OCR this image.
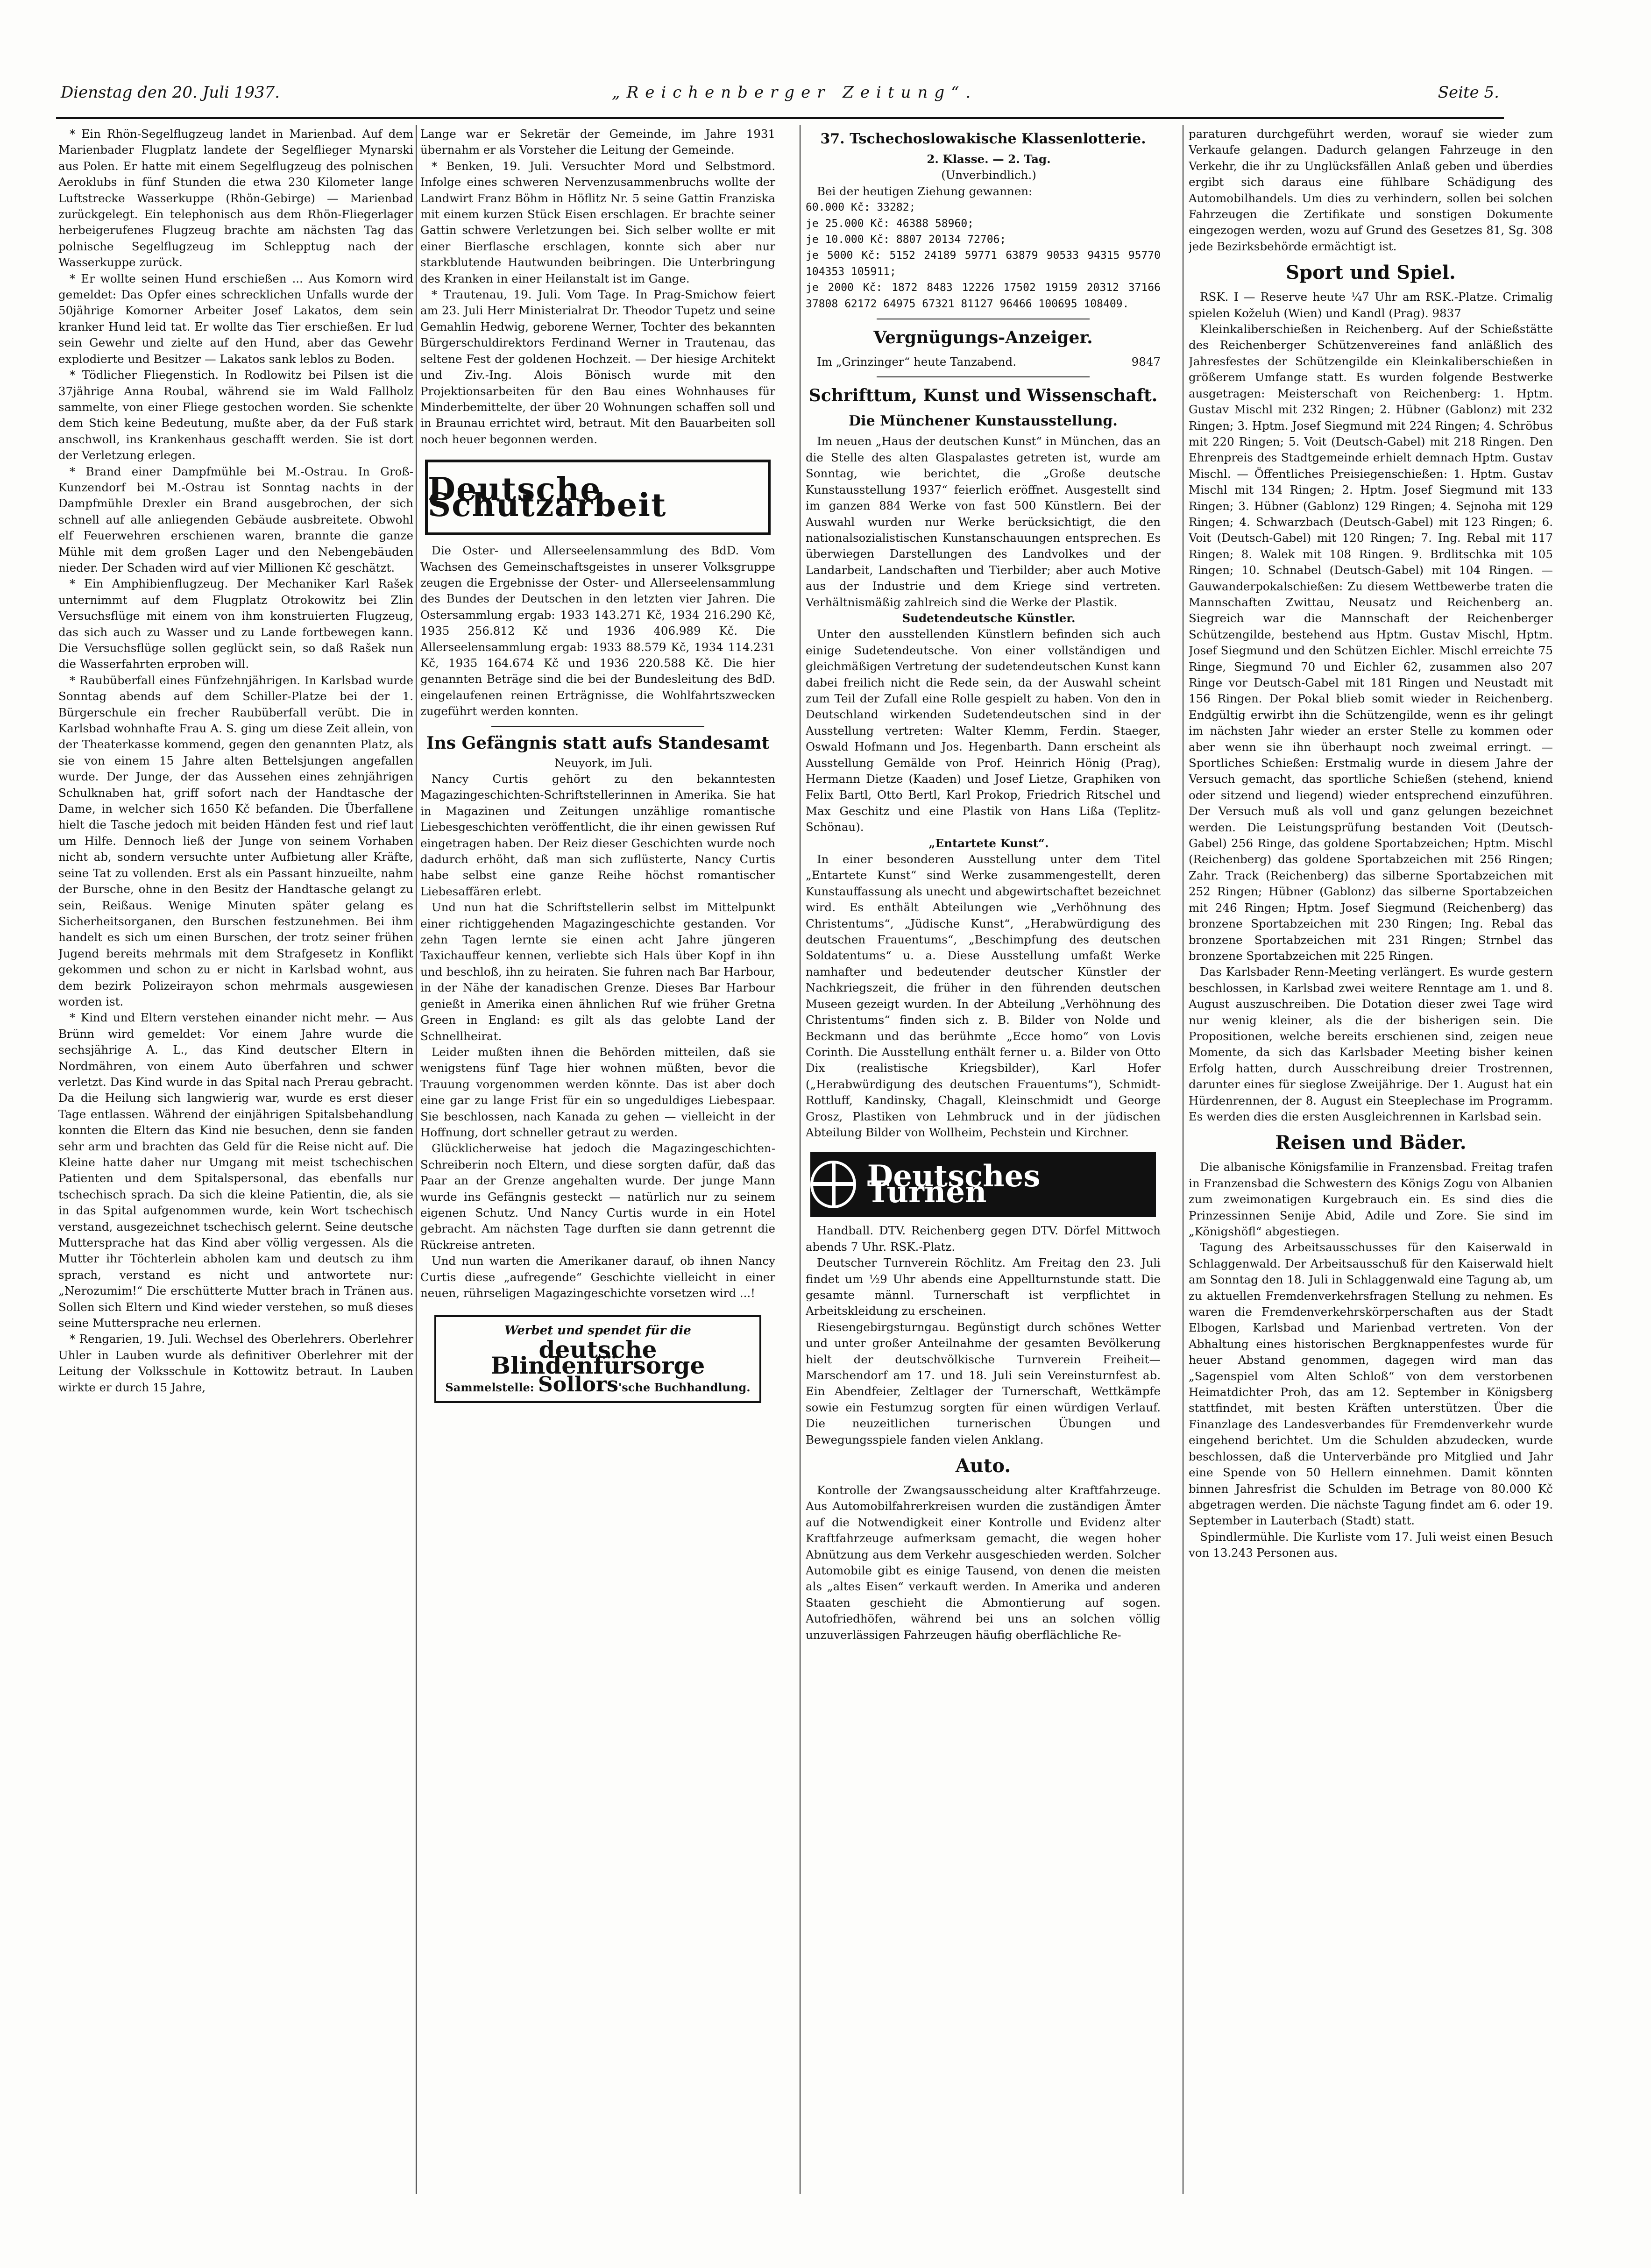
Dienstag den 20. Juli 1937.	„Reichenberger Zeitung“.	Seite 5.

* Ein Rhön-Segelflugzeug landet in Marienbad. Auf dem Marienbader Flugplatz landete der Segelflieger Mynarski aus Polen. Er hatte mit einem Segelflugzeug des polnischen Aeroklubs in fünf Stunden die etwa 230 Kilometer lange Luftstrecke Wasserkuppe (Rhön-Gebirge) — Marienbad zurückgelegt. Ein telephonisch aus dem Rhön-Fliegerlager herbeigerufenes Flugzeug brachte am nächsten Tag das polnische Segelflugzeug im Schlepptug nach der Wasserkuppe zurück.

* Er wollte seinen Hund erschießen ... Aus Komorn wird gemeldet: Das Opfer eines schrecklichen Unfalls wurde der 50jährige Komorner Arbeiter Josef Lakatos, dem sein kranker Hund leid tat. Er wollte das Tier erschießen. Er lud sein Gewehr und zielte auf den Hund, aber das Gewehr explodierte und Besitzer — Lakatos sank leblos zu Boden.

* Tödlicher Fliegenstich. In Rodlowitz bei Pilsen ist die 37jährige Anna Roubal, während sie im Wald Fallholz sammelte, von einer Fliege gestochen worden. Sie schenkte dem Stich keine Bedeutung, mußte aber, da der Fuß stark anschwoll, ins Krankenhaus geschafft werden. Sie ist dort der Verletzung erlegen.

* Brand einer Dampfmühle bei M.-Ostrau. In Groß-Kunzendorf bei M.-Ostrau ist Sonntag nachts in der Dampfmühle Drexler ein Brand ausgebrochen, der sich schnell auf alle anliegenden Gebäude ausbreitete. Obwohl elf Feuerwehren erschienen waren, brannte die ganze Mühle mit dem großen Lager und den Nebengebäuden nieder. Der Schaden wird auf vier Millionen Kč geschätzt.

* Ein Amphibienflugzeug. Der Mechaniker Karl Rašek unternimmt auf dem Flugplatz Otrokowitz bei Zlin Versuchsflüge mit einem von ihm konstruierten Flugzeug, das sich auch zu Wasser und zu Lande fortbewegen kann. Die Versuchsflüge sollen geglückt sein, so daß Rašek nun die Wasserfahrten erproben will.

* Raubüberfall eines Fünfzehnjährigen. In Karlsbad wurde Sonntag abends auf dem Schiller-Platze bei der 1. Bürgerschule ein frecher Raubüberfall verübt. Die in Karlsbad wohnhafte Frau A. S. ging um diese Zeit allein, von der Theaterkasse kommend, gegen den genannten Platz, als sie von einem 15 Jahre alten Bettelsjungen angefallen wurde. Der Junge, der das Aussehen eines zehnjährigen Schulknaben hat, griff sofort nach der Handtasche der Dame, in welcher sich 1650 Kč befanden. Die Überfallene hielt die Tasche jedoch mit beiden Händen fest und rief laut um Hilfe. Dennoch ließ der Junge von seinem Vorhaben nicht ab, sondern versuchte unter Aufbietung aller Kräfte, seine Tat zu vollenden. Erst als ein Passant hinzueilte, nahm der Bursche, ohne in den Besitz der Handtasche gelangt zu sein, Reißaus. Wenige Minuten später gelang es Sicherheitsorganen, den Burschen festzunehmen. Bei ihm handelt es sich um einen Burschen, der trotz seiner frühen Jugend bereits mehrmals mit dem Strafgesetz in Konflikt gekommen und schon zu er nicht in Karlsbad wohnt, aus dem bezirk Polizeirayon schon mehrmals ausgewiesen worden ist.

* Kind und Eltern verstehen einander nicht mehr. — Aus Brünn wird gemeldet: Vor einem Jahre wurde die sechsjährige A. L., das Kind deutscher Eltern in Nordmähren, von einem Auto überfahren und schwer verletzt. Das Kind wurde in das Spital nach Prerau gebracht. Da die Heilung sich langwierig war, wurde es erst dieser Tage entlassen. Während der einjährigen Spitalsbehandlung konnten die Eltern das Kind nie besuchen, denn sie fanden sehr arm und brachten das Geld für die Reise nicht auf. Die Kleine hatte daher nur Umgang mit meist tschechischen Patienten und dem Spitalspersonal, das ebenfalls nur tschechisch sprach. Da sich die kleine Patientin, die, als sie in das Spital aufgenommen wurde, kein Wort tschechisch verstand, ausgezeichnet tschechisch gelernt. Seine deutsche Muttersprache hat das Kind aber völlig vergessen. Als die Mutter ihr Töchterlein abholen kam und deutsch zu ihm sprach, verstand es nicht und antwortete nur: „Nerozumim!“ Die erschütterte Mutter brach in Tränen aus. Sollen sich Eltern und Kind wieder verstehen, so muß dieses seine Muttersprache neu erlernen.

* Rengarien, 19. Juli. Wechsel des Oberlehrers. Oberlehrer Uhler in Lauben wurde als definitiver Oberlehrer mit der Leitung der Volksschule in Kottowitz betraut. In Lauben wirkte er durch 15 Jahre,

Lange war er Sekretär der Gemeinde, im Jahre 1931 übernahm er als Vorsteher die Leitung der Gemeinde.

* Benken, 19. Juli. Versuchter Mord und Selbstmord. Infolge eines schweren Nervenzusammenbruchs wollte der Landwirt Franz Böhm in Höflitz Nr. 5 seine Gattin Franziska mit einem kurzen Stück Eisen erschlagen. Er brachte seiner Gattin schwere Verletzungen bei. Sich selber wollte er mit einer Bierflasche erschlagen, konnte sich aber nur starkblutende Hautwunden beibringen. Die Unterbringung des Kranken in einer Heilanstalt ist im Gange.

* Trautenau, 19. Juli. Vom Tage. In Prag-Smichow feiert am 23. Juli Herr Ministerialrat Dr. Theodor Tupetz und seine Gemahlin Hedwig, geborene Werner, Tochter des bekannten Bürgerschuldirektors Ferdinand Werner in Trautenau, das seltene Fest der goldenen Hochzeit. — Der hiesige Architekt und Ziv.-Ing. Alois Bönisch wurde mit den Projektionsarbeiten für den Bau eines Wohnhauses für Minderbemittelte, der über 20 Wohnungen schaffen soll und in Braunau errichtet wird, betraut. Mit den Bauarbeiten soll noch heuer begonnen werden.

Deutsche Schutzarbeit

Die Oster- und Allerseelensammlung des BdD. Vom Wachsen des Gemeinschaftsgeistes in unserer Volksgruppe zeugen die Ergebnisse der Oster- und Allerseelensammlung des Bundes der Deutschen in den letzten vier Jahren. Die Ostersammlung ergab: 1933 143.271 Kč, 1934 216.290 Kč, 1935 256.812 Kč und 1936 406.989 Kč. Die Allerseelensammlung ergab: 1933 88.579 Kč, 1934 114.231 Kč, 1935 164.674 Kč und 1936 220.588 Kč. Die hier genannten Beträge sind die bei der Bundesleitung des BdD. eingelaufenen reinen Erträgnisse, die Wohlfahrtszwecken zugeführt werden konnten.

Ins Gefängnis statt aufs Standesamt

Neuyork, im Juli.

Nancy Curtis gehört zu den bekanntesten Magazingeschichten-Schriftstellerinnen in Amerika. Sie hat in Magazinen und Zeitungen unzählige romantische Liebesgeschichten veröffentlicht, die ihr einen gewissen Ruf eingetragen haben. Der Reiz dieser Geschichten wurde noch dadurch erhöht, daß man sich zuflüsterte, Nancy Curtis habe selbst eine ganze Reihe höchst romantischer Liebesaffären erlebt.

Und nun hat die Schriftstellerin selbst im Mittelpunkt einer richtiggehenden Magazingeschichte gestanden. Vor zehn Tagen lernte sie einen acht Jahre jüngeren Taxichauffeur kennen, verliebte sich Hals über Kopf in ihn und beschloß, ihn zu heiraten. Sie fuhren nach Bar Harbour, in der Nähe der kanadischen Grenze. Dieses Bar Harbour genießt in Amerika einen ähnlichen Ruf wie früher Gretna Green in England: es gilt als das gelobte Land der Schnellheirat.

Leider mußten ihnen die Behörden mitteilen, daß sie wenigstens fünf Tage hier wohnen müßten, bevor die Trauung vorgenommen werden könnte. Das ist aber doch eine gar zu lange Frist für ein so ungeduldiges Liebespaar. Sie beschlossen, nach Kanada zu gehen — vielleicht in der Hoffnung, dort schneller getraut zu werden.

Glücklicherweise hat jedoch die Magazingeschichten-Schreiberin noch Eltern, und diese sorgten dafür, daß das Paar an der Grenze angehalten wurde. Der junge Mann wurde ins Gefängnis gesteckt — natürlich nur zu seinem eigenen Schutz. Und Nancy Curtis wurde in ein Hotel gebracht. Am nächsten Tage durften sie dann getrennt die Rückreise antreten.

Und nun warten die Amerikaner darauf, ob ihnen Nancy Curtis diese „aufregende“ Geschichte vielleicht in einer neuen, rührseligen Magazingeschichte vorsetzen wird ...!

Werbet und spendet für die
deutsche Blindenfürsorge
Sammelstelle: Sollors'sche Buchhandlung.
37. Tschechoslowakische Klassenlotterie.

2. Klasse. — 2. Tag.

(Unverbindlich.)

Bei der heutigen Ziehung gewannen:

60.000 Kč: 33282;

je 25.000 Kč: 46388 58960;

je 10.000 Kč: 8807 20134 72706;

je 5000 Kč: 5152 24189 59771 63879 90533 94315 95770 104353 105911;

je 2000 Kč: 1872 8483 12226 17502 19159 20312 37166 37808 62172 64975 67321 81127 96466 100695 108409.

Vergnügungs-Anzeiger.

Im „Grinzinger“ heute Tanzabend.	9847

Schrifttum, Kunst und Wissenschaft.
Die Münchener Kunstausstellung.

Im neuen „Haus der deutschen Kunst“ in München, das an die Stelle des alten Glaspalastes getreten ist, wurde am Sonntag, wie berichtet, die „Große deutsche Kunstausstellung 1937“ feierlich eröffnet. Ausgestellt sind im ganzen 884 Werke von fast 500 Künstlern. Bei der Auswahl wurden nur Werke berücksichtigt, die den nationalsozialistischen Kunstanschauungen entsprechen. Es überwiegen Darstellungen des Landvolkes und der Landarbeit, Landschaften und Tierbilder; aber auch Motive aus der Industrie und dem Kriege sind vertreten. Verhältnismäßig zahlreich sind die Werke der Plastik.

Sudetendeutsche Künstler.

Unter den ausstellenden Künstlern befinden sich auch einige Sudetendeutsche. Von einer vollständigen und gleichmäßigen Vertretung der sudetendeutschen Kunst kann dabei freilich nicht die Rede sein, da der Auswahl scheint zum Teil der Zufall eine Rolle gespielt zu haben. Von den in Deutschland wirkenden Sudetendeutschen sind in der Ausstellung vertreten: Walter Klemm, Ferdin. Staeger, Oswald Hofmann und Jos. Hegenbarth. Dann erscheint als Ausstellung Gemälde von Prof. Heinrich Hönig (Prag), Hermann Dietze (Kaaden) und Josef Lietze, Graphiken von Felix Bartl, Otto Bertl, Karl Prokop, Friedrich Ritschel und Max Geschitz und eine Plastik von Hans Lißa (Teplitz-Schönau).

„Entartete Kunst“.

In einer besonderen Ausstellung unter dem Titel „Entartete Kunst“ sind Werke zusammengestellt, deren Kunstauffassung als unecht und abgewirtschaftet bezeichnet wird. Es enthält Abteilungen wie „Verhöhnung des Christentums“, „Jüdische Kunst“, „Herabwürdigung des deutschen Frauentums“, „Beschimpfung des deutschen Soldatentums“ u. a. Diese Ausstellung umfaßt Werke namhafter und bedeutender deutscher Künstler der Nachkriegszeit, die früher in den führenden deutschen Museen gezeigt wurden. In der Abteilung „Verhöhnung des Christentums“ finden sich z. B. Bilder von Nolde und Beckmann und das berühmte „Ecce homo“ von Lovis Corinth. Die Ausstellung enthält ferner u. a. Bilder von Otto Dix (realistische Kriegsbilder), Karl Hofer („Herabwürdigung des deutschen Frauentums“), Schmidt-Rottluff, Kandinsky, Chagall, Kleinschmidt und George Grosz, Plastiken von Lehmbruck und in der jüdischen Abteilung Bilder von Wollheim, Pechstein und Kirchner.

Deutsches Turnen

Handball. DTV. Reichenberg gegen DTV. Dörfel Mittwoch abends 7 Uhr. RSK.-Platz.

Deutscher Turnverein Röchlitz. Am Freitag den 23. Juli findet um ½9 Uhr abends eine Appellturnstunde statt. Die gesamte männl. Turnerschaft ist verpflichtet in Arbeitskleidung zu erscheinen.

Riesengebirgsturngau. Begünstigt durch schönes Wetter und unter großer Anteilnahme der gesamten Bevölkerung hielt der deutschvölkische Turnverein Freiheit—Marschendorf am 17. und 18. Juli sein Vereinsturnfest ab. Ein Abendfeier, Zeltlager der Turnerschaft, Wettkämpfe sowie ein Festumzug sorgten für einen würdigen Verlauf. Die neuzeitlichen turnerischen Übungen und Bewegungsspiele fanden vielen Anklang.

Auto.

Kontrolle der Zwangsausscheidung alter Kraftfahrzeuge. Aus Automobilfahrerkreisen wurden die zuständigen Ämter auf die Notwendigkeit einer Kontrolle und Evidenz alter Kraftfahrzeuge aufmerksam gemacht, die wegen hoher Abnützung aus dem Verkehr ausgeschieden werden. Solcher Automobile gibt es einige Tausend, von denen die meisten als „altes Eisen“ verkauft werden. In Amerika und anderen Staaten geschieht die Abmontierung auf sogen. Autofriedhöfen, während bei uns an solchen völlig unzuverlässigen Fahrzeugen häufig oberflächliche Re-

paraturen durchgeführt werden, worauf sie wieder zum Verkaufe gelangen. Dadurch gelangen Fahrzeuge in den Verkehr, die ihr zu Unglücksfällen Anlaß geben und überdies ergibt sich daraus eine fühlbare Schädigung des Automobilhandels. Um dies zu verhindern, sollen bei solchen Fahrzeugen die Zertifikate und sonstigen Dokumente eingezogen werden, wozu auf Grund des Gesetzes 81, Sg. 308 jede Bezirksbehörde ermächtigt ist.

Sport und Spiel.

RSK. I — Reserve heute ¼7 Uhr am RSK.-Platze. Crimalig spielen Koželuh (Wien) und Kandl (Prag). 9837

Kleinkaliberschießen in Reichenberg. Auf der Schießstätte des Reichenberger Schützenvereines fand anläßlich des Jahresfestes der Schützengilde ein Kleinkaliberschießen in größerem Umfange statt. Es wurden folgende Bestwerke ausgetragen: Meisterschaft von Reichenberg: 1. Hptm. Gustav Mischl mit 232 Ringen; 2. Hübner (Gablonz) mit 232 Ringen; 3. Hptm. Josef Siegmund mit 224 Ringen; 4. Schröbus mit 220 Ringen; 5. Voit (Deutsch-Gabel) mit 218 Ringen. Den Ehrenpreis des Stadtgemeinde erhielt demnach Hptm. Gustav Mischl. — Öffentliches Preisiegenschießen: 1. Hptm. Gustav Mischl mit 134 Ringen; 2. Hptm. Josef Siegmund mit 133 Ringen; 3. Hübner (Gablonz) 129 Ringen; 4. Sejnoha mit 129 Ringen; 4. Schwarzbach (Deutsch-Gabel) mit 123 Ringen; 6. Voit (Deutsch-Gabel) mit 120 Ringen; 7. Ing. Rebal mit 117 Ringen; 8. Walek mit 108 Ringen. 9. Brdlitschka mit 105 Ringen; 10. Schnabel (Deutsch-Gabel) mit 104 Ringen. — Gauwanderpokalschießen: Zu diesem Wettbewerbe traten die Mannschaften Zwittau, Neusatz und Reichenberg an. Siegreich war die Mannschaft der Reichenberger Schützengilde, bestehend aus Hptm. Gustav Mischl, Hptm. Josef Siegmund und den Schützen Eichler. Mischl erreichte 75 Ringe, Siegmund 70 und Eichler 62, zusammen also 207 Ringe vor Deutsch-Gabel mit 181 Ringen und Neustadt mit 156 Ringen. Der Pokal blieb somit wieder in Reichenberg. Endgültig erwirbt ihn die Schützengilde, wenn es ihr gelingt im nächsten Jahr wieder an erster Stelle zu kommen oder aber wenn sie ihn überhaupt noch zweimal erringt. — Sportliches Schießen: Erstmalig wurde in diesem Jahre der Versuch gemacht, das sportliche Schießen (stehend, kniend oder sitzend und liegend) wieder entsprechend einzuführen. Der Versuch muß als voll und ganz gelungen bezeichnet werden. Die Leistungsprüfung bestanden Voit (Deutsch-Gabel) 256 Ringe, das goldene Sportabzeichen; Hptm. Mischl (Reichenberg) das goldene Sportabzeichen mit 256 Ringen; Zahr. Track (Reichenberg) das silberne Sportabzeichen mit 252 Ringen; Hübner (Gablonz) das silberne Sportabzeichen mit 246 Ringen; Hptm. Josef Siegmund (Reichenberg) das bronzene Sportabzeichen mit 230 Ringen; Ing. Rebal das bronzene Sportabzeichen mit 231 Ringen; Strnbel das bronzene Sportabzeichen mit 225 Ringen.

Das Karlsbader Renn-Meeting verlängert. Es wurde gestern beschlossen, in Karlsbad zwei weitere Renntage am 1. und 8. August auszuschreiben. Die Dotation dieser zwei Tage wird nur wenig kleiner, als die der bisherigen sein. Die Propositionen, welche bereits erschienen sind, zeigen neue Momente, da sich das Karlsbader Meeting bisher keinen Erfolg hatten, durch Ausschreibung dreier Trostrennen, darunter eines für sieglose Zweijährige. Der 1. August hat ein Hürdenrennen, der 8. August ein Steeplechase im Programm. Es werden dies die ersten Ausgleichrennen in Karlsbad sein.

Reisen und Bäder.

Die albanische Königsfamilie in Franzensbad. Freitag trafen in Franzensbad die Schwestern des Königs Zogu von Albanien zum zweimonatigen Kurgebrauch ein. Es sind dies die Prinzessinnen Senije Abid, Adile und Zore. Sie sind im „Königshöfl“ abgestiegen.

Tagung des Arbeitsausschusses für den Kaiserwald in Schlaggenwald. Der Arbeitsausschuß für den Kaiserwald hielt am Sonntag den 18. Juli in Schlaggenwald eine Tagung ab, um zu aktuellen Fremdenverkehrsfragen Stellung zu nehmen. Es waren die Fremdenverkehrskörperschaften aus der Stadt Elbogen, Karlsbad und Marienbad vertreten. Von der Abhaltung eines historischen Bergknappenfestes wurde für heuer Abstand genommen, dagegen wird man das „Sagenspiel vom Alten Schloß“ von dem verstorbenen Heimatdichter Proh, das am 12. September in Königsberg stattfindet, mit besten Kräften unterstützen. Über die Finanzlage des Landesverbandes für Fremdenverkehr wurde eingehend berichtet. Um die Schulden abzudecken, wurde beschlossen, daß die Unterverbände pro Mitglied und Jahr eine Spende von 50 Hellern einnehmen. Damit könnten binnen Jahresfrist die Schulden im Betrage von 80.000 Kč abgetragen werden. Die nächste Tagung findet am 6. oder 19. September in Lauterbach (Stadt) statt.

Spindlermühle. Die Kurliste vom 17. Juli weist einen Besuch von 13.243 Personen aus.
